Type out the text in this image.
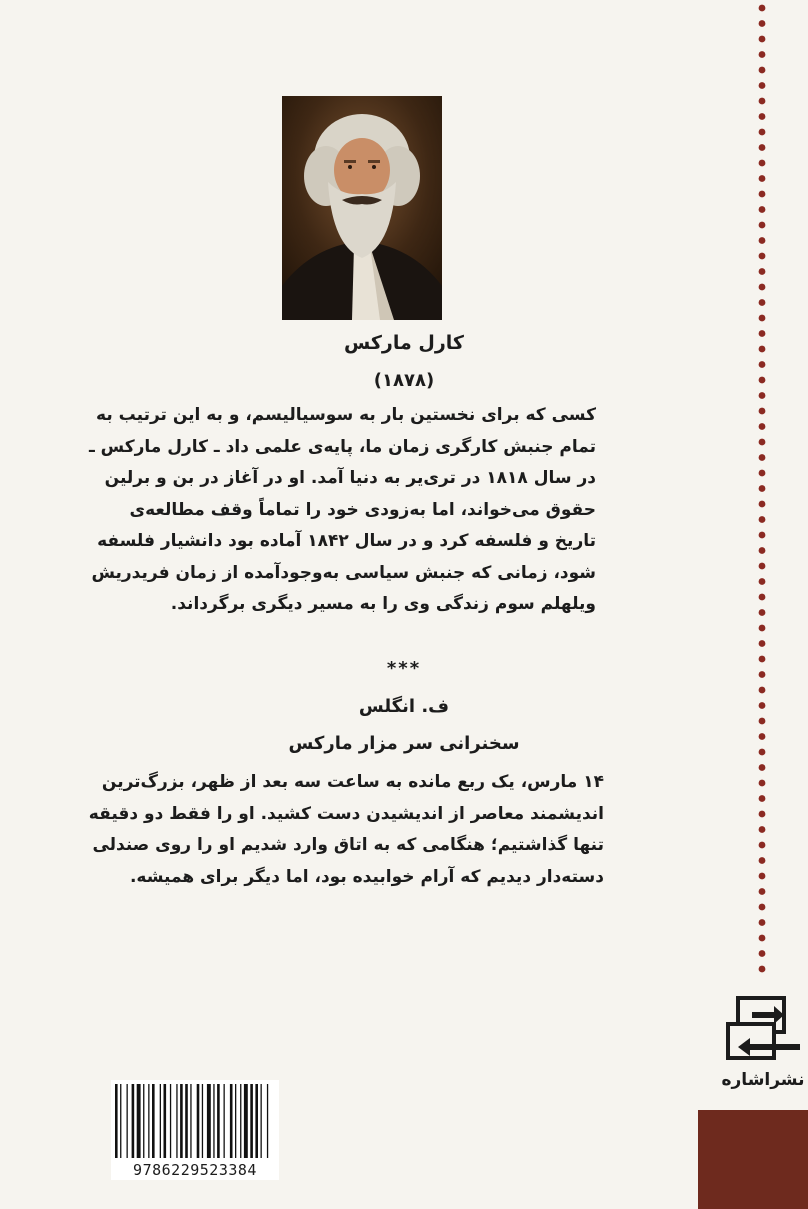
کارل مارکس
(۱۸۷۸)
کسی که برای نخستین بار به سوسیالیسم، و به این ترتیب به
تمام جنبش کارگری زمان ما، پایه‌ی علمی داد ـ کارل مارکس ـ
در سال ۱۸۱۸ در تری‌یر به دنیا آمد. او در آغاز در بن و برلین
حقوق می‌خواند، اما به‌زودی خود را تماماً وقف مطالعه‌ی
تاریخ و فلسفه کرد و در سال ۱۸۴۲ آماده بود دانشیار فلسفه
شود، زمانی که جنبش سیاسی به‌وجودآمده از زمان فریدریش
ویلهلم سوم زندگی وی را به مسیر دیگری برگرداند.
***
ف. انگلس
سخنرانی سر مزار مارکس
۱۴ مارس، یک ربع مانده به ساعت سه بعد از ظهر، بزرگ‌ترین
اندیشمند معاصر از اندیشیدن دست کشید. او را فقط دو دقیقه
تنها گذاشتیم؛ هنگامی که به اتاق وارد شدیم او را روی صندلی
دسته‌دار دیدیم که آرام خوابیده بود، اما دیگر برای همیشه.
نشراشاره
9786229523384
